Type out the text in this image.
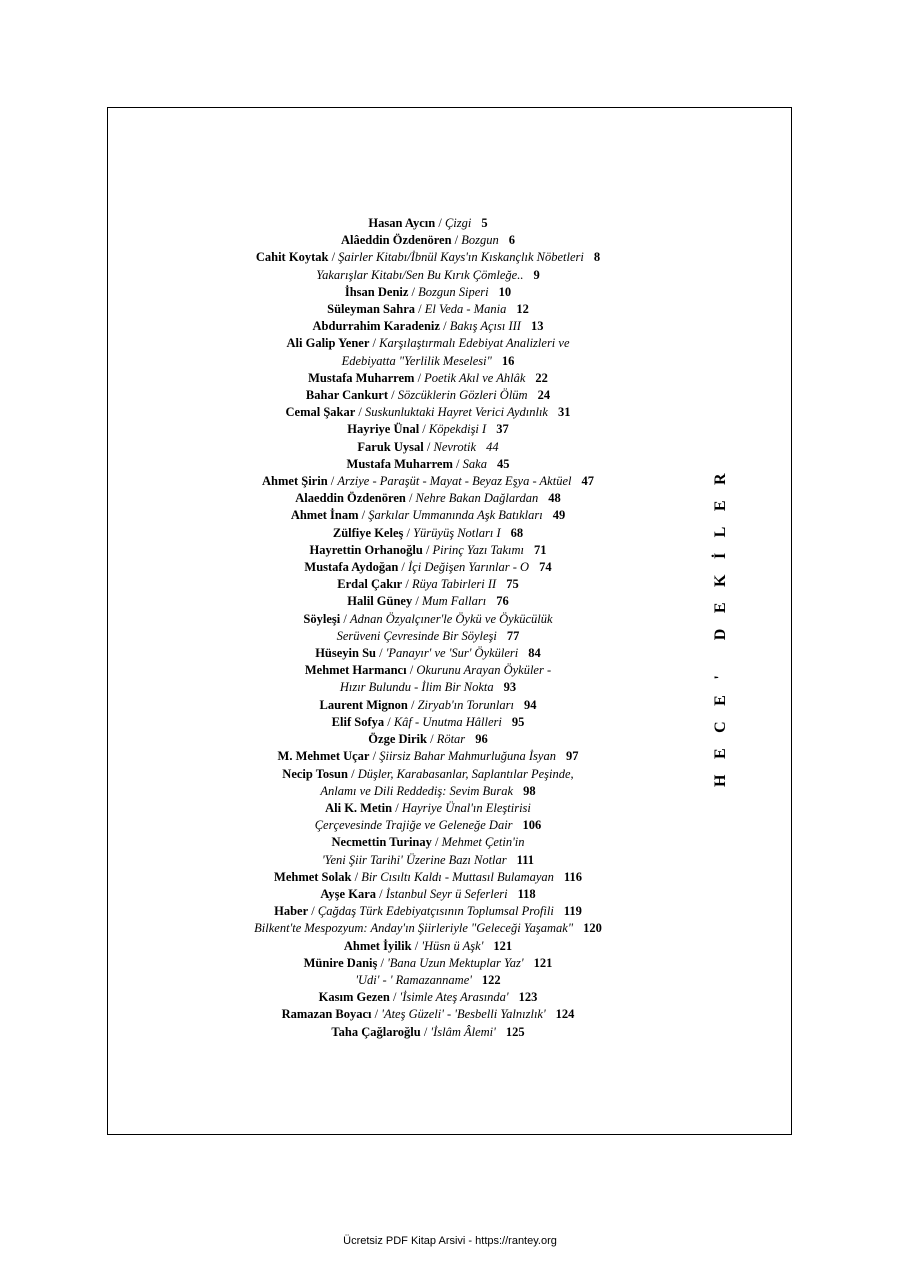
Hasan Aycın / Çizgi 5
Alâeddin Özdenören / Bozgun 6
Cahit Koytak / Şairler Kitabı/İbnül Kays'ın Kıskançlık Nöbetleri 8
Yakarışlar Kitabı/Sen Bu Kırık Çömleğe.. 9
İhsan Deniz / Bozgun Siperi 10
Süleyman Sahra / El Veda - Mania 12
Abdurrahim Karadeniz / Bakış Açısı III 13
Ali Galip Yener / Karşılaştırmalı Edebiyat Analizleri ve
Edebiyatta "Yerlilik Meselesi" 16
Mustafa Muharrem / Poetik Akıl ve Ahlâk 22
Bahar Cankurt / Sözcüklerin Gözleri Ölüm 24
Cemal Şakar / Suskunluktaki Hayret Verici Aydınlık 31
Hayriye Ünal / Köpekdişi I 37
Faruk Uysal / Nevrotik 44
Mustafa Muharrem / Saka 45
Ahmet Şirin / Arziye - Paraşüt - Mayat - Beyaz Eşya - Aktüel 47
Alaeddin Özdenören / Nehre Bakan Dağlardan 48
Ahmet İnam / Şarkılar Ummanında Aşk Batıkları 49
Zülfiye Keleş / Yürüyüş Notları I 68
Hayrettin Orhanoğlu / Pirinç Yazı Takımı 71
Mustafa Aydoğan / İçi Değişen Yarınlar - O 74
Erdal Çakır / Rüya Tabirleri II 75
Halil Güney / Mum Falları 76
Söyleşi / Adnan Özyalçıner'le Öykü ve Öykücülük
Serüveni Çevresinde Bir Söyleşi 77
Hüseyin Su / 'Panayır' ve 'Sur' Öyküleri 84
Mehmet Harmancı / Okurunu Arayan Öyküler -
Hızır Bulundu - İlim Bir Nokta 93
Laurent Mignon / Ziryab'ın Torunları 94
Elif Sofya / Kâf - Unutma Hâlleri 95
Özge Dirik / Rötar 96
M. Mehmet Uçar / Şiirsiz Bahar Mahmurluğuna İsyan 97
Necip Tosun / Düşler, Karabasanlar, Saplantılar Peşinde,
Anlamı ve Dili Reddediş: Sevim Burak 98
Ali K. Metin / Hayriye Ünal'ın Eleştirisi
Çerçevesinde Trajiğe ve Geleneğe Dair 106
Necmettin Turinay / Mehmet Çetin'in
'Yeni Şiir Tarihi' Üzerine Bazı Notlar 111
Mehmet Solak / Bir Cısıltı Kaldı - Muttasıl Bulamayan 116
Ayşe Kara / İstanbul Seyr ü Seferleri 118
Haber / Çağdaş Türk Edebiyatçısının Toplumsal Profili 119
Bilkent'te Mespozyum: Anday'ın Şiirleriyle "Geleceği Yaşamak" 120
Ahmet İyilik / 'Hüsn ü Aşk' 121
Münire Daniş / 'Bana Uzun Mektuplar Yaz' 121
'Udi' - ' Ramazanname' 122
Kasım Gezen / 'İsimle Ateş Arasında' 123
Ramazan Boyacı / 'Ateş Güzeli' - 'Besbelli Yalnızlık' 124
Taha Çağlaroğlu / 'İslâm Âlemi' 125
HECE' DEKİLER
Ücretsiz PDF Kitap Arsivi - https://rantey.org
